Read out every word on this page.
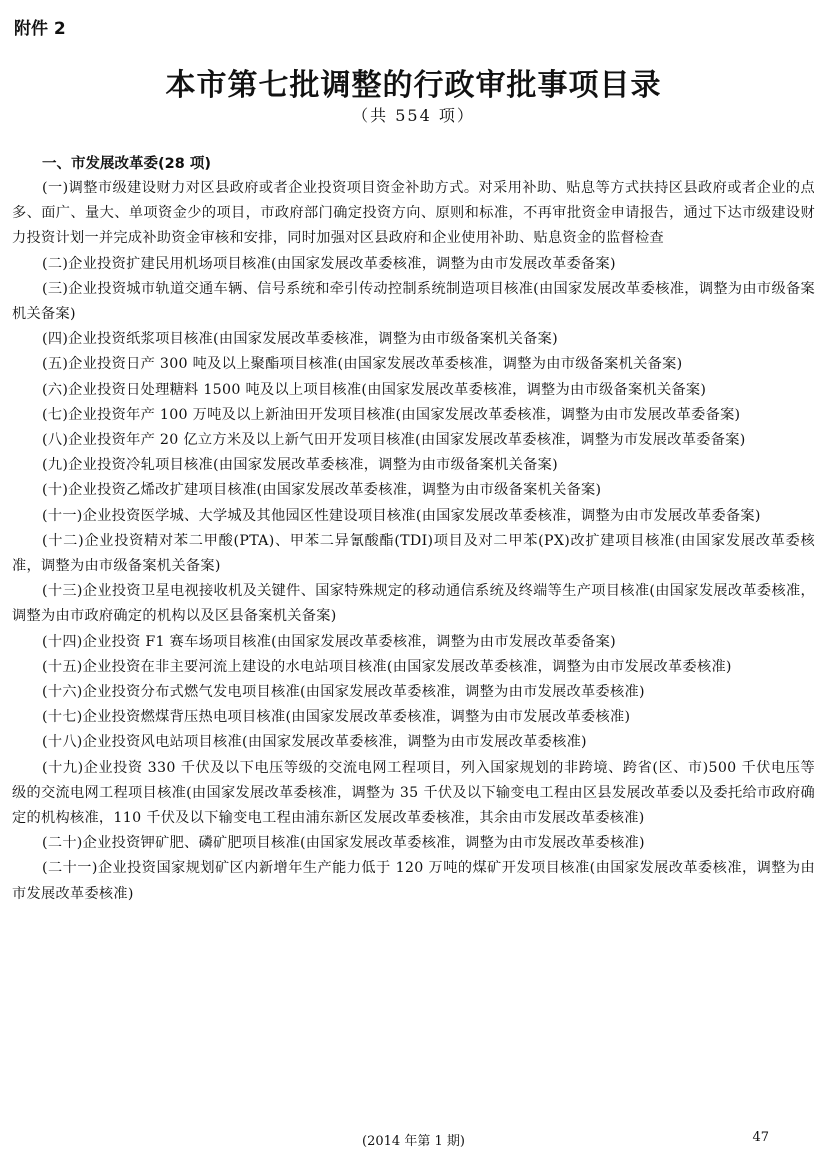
附件 2
本市第七批调整的行政审批事项目录
（共 554 项）
一、市发展改革委(28 项)

(一)调整市级建设财力对区县政府或者企业投资项目资金补助方式。对采用补助、贴息等方式扶持区县政府或者企业的点多、面广、量大、单项资金少的项目，市政府部门确定投资方向、原则和标准，不再审批资金申请报告，通过下达市级建设财力投资计划一并完成补助资金审核和安排，同时加强对区县政府和企业使用补助、贴息资金的监督检查

(二)企业投资扩建民用机场项目核准(由国家发展改革委核准，调整为由市发展改革委备案)

(三)企业投资城市轨道交通车辆、信号系统和牵引传动控制系统制造项目核准(由国家发展改革委核准，调整为由市级备案机关备案)

(四)企业投资纸浆项目核准(由国家发展改革委核准，调整为由市级备案机关备案)

(五)企业投资日产 300 吨及以上聚酯项目核准(由国家发展改革委核准，调整为由市级备案机关备案)

(六)企业投资日处理糖料 1500 吨及以上项目核准(由国家发展改革委核准，调整为由市级备案机关备案)

(七)企业投资年产 100 万吨及以上新油田开发项目核准(由国家发展改革委核准，调整为由市发展改革委备案)

(八)企业投资年产 20 亿立方米及以上新气田开发项目核准(由国家发展改革委核准，调整为市发展改革委备案)

(九)企业投资冷轧项目核准(由国家发展改革委核准，调整为由市级备案机关备案)

(十)企业投资乙烯改扩建项目核准(由国家发展改革委核准，调整为由市级备案机关备案)

(十一)企业投资医学城、大学城及其他园区性建设项目核准(由国家发展改革委核准，调整为由市发展改革委备案)

(十二)企业投资精对苯二甲酸(PTA)、甲苯二异氰酸酯(TDI)项目及对二甲苯(PX)改扩建项目核准(由国家发展改革委核准，调整为由市级备案机关备案)

(十三)企业投资卫星电视接收机及关键件、国家特殊规定的移动通信系统及终端等生产项目核准(由国家发展改革委核准，调整为由市政府确定的机构以及区县备案机关备案)

(十四)企业投资 F1 赛车场项目核准(由国家发展改革委核准，调整为由市发展改革委备案)

(十五)企业投资在非主要河流上建设的水电站项目核准(由国家发展改革委核准，调整为由市发展改革委核准)

(十六)企业投资分布式燃气发电项目核准(由国家发展改革委核准，调整为由市发展改革委核准)

(十七)企业投资燃煤背压热电项目核准(由国家发展改革委核准，调整为由市发展改革委核准)

(十八)企业投资风电站项目核准(由国家发展改革委核准，调整为由市发展改革委核准)

(十九)企业投资 330 千伏及以下电压等级的交流电网工程项目，列入国家规划的非跨境、跨省(区、市)500 千伏电压等级的交流电网工程项目核准(由国家发展改革委核准，调整为 35 千伏及以下输变电工程由区县发展改革委以及委托给市政府确定的机构核准，110 千伏及以下输变电工程由浦东新区发展改革委核准，其余由市发展改革委核准)

(二十)企业投资钾矿肥、磷矿肥项目核准(由国家发展改革委核准，调整为由市发展改革委核准)

(二十一)企业投资国家规划矿区内新增年生产能力低于 120 万吨的煤矿开发项目核准(由国家发展改革委核准，调整为由市发展改革委核准)

(2014 年第 1 期)	47
